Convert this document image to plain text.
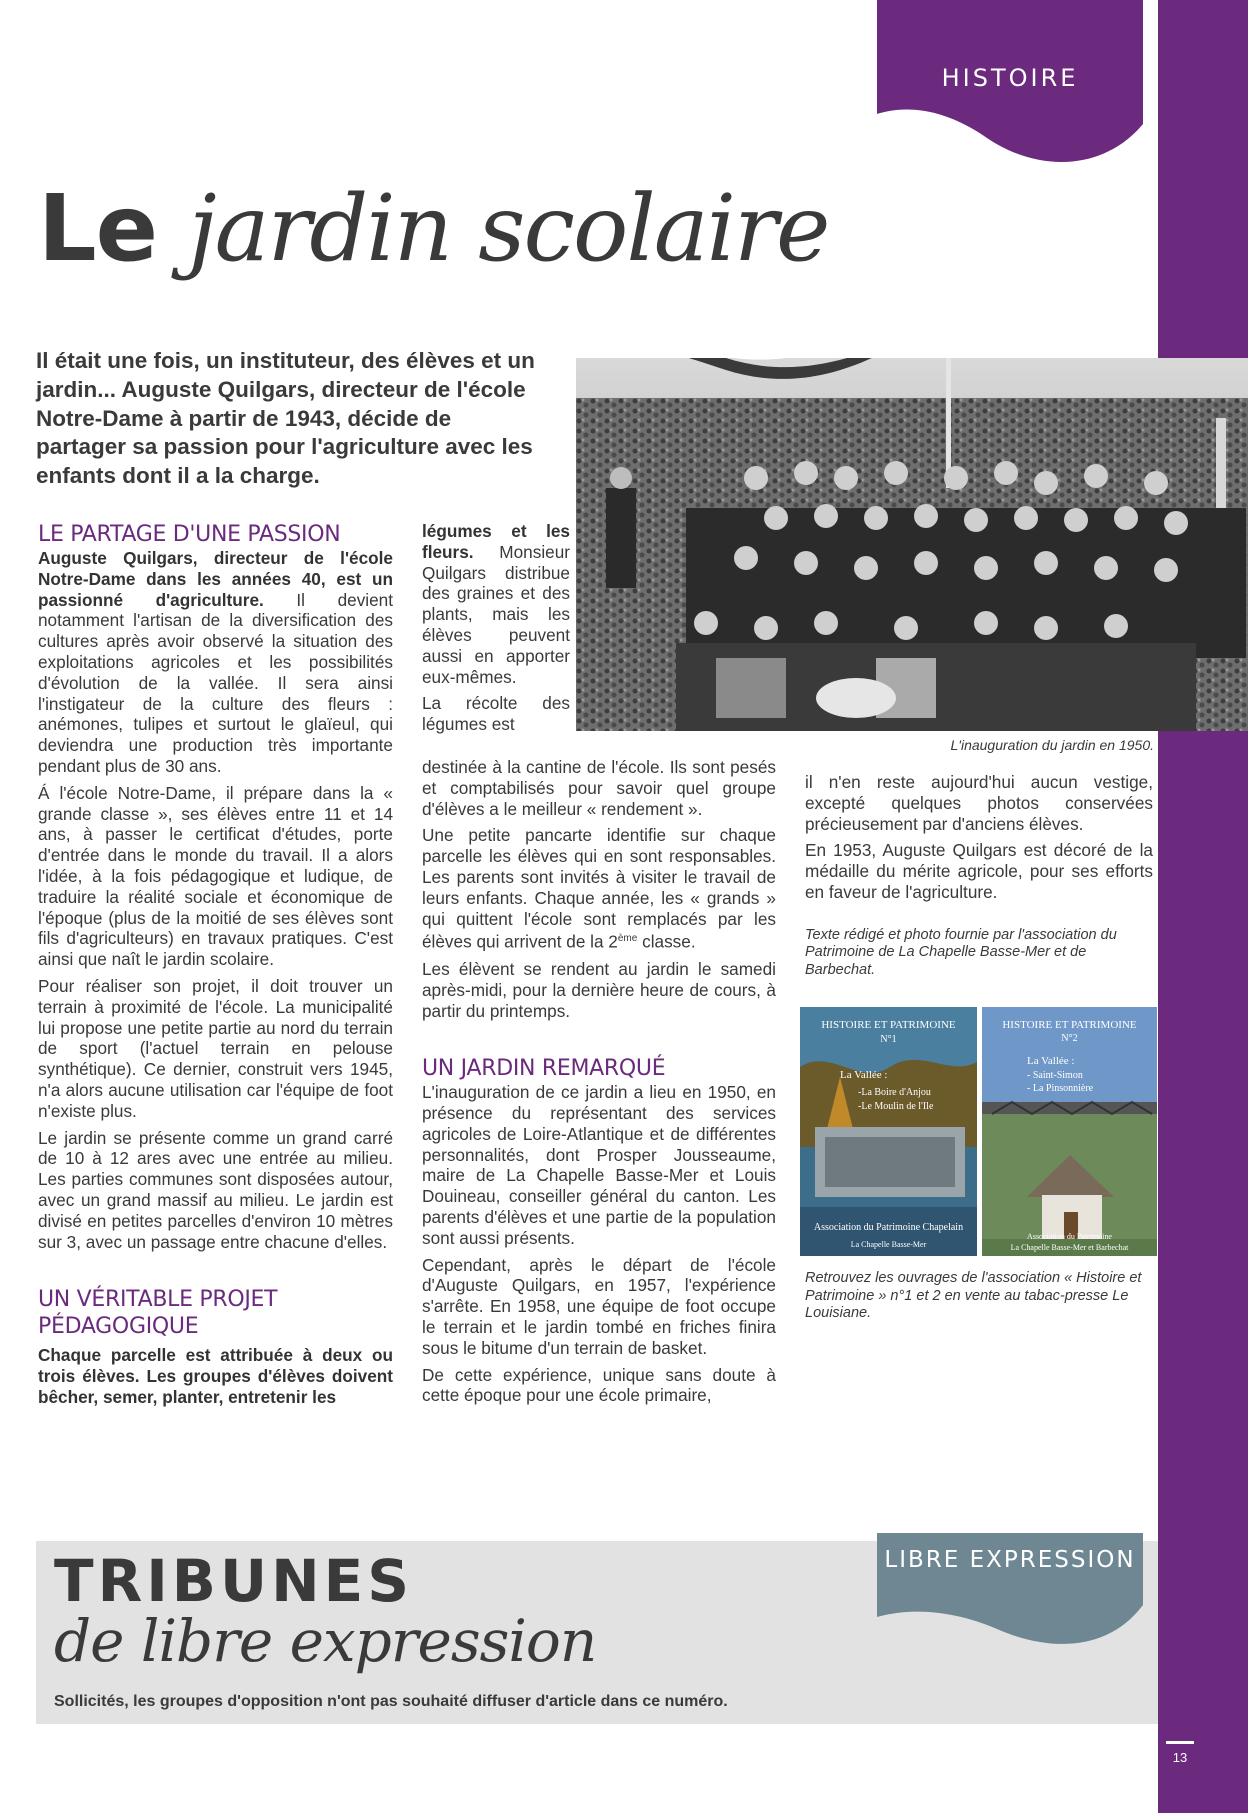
HISTOIRE
Le jardin scolaire

Il était une fois, un instituteur, des élèves et un jardin... Auguste Quilgars, directeur de l'école Notre-Dame à partir de 1943, décide de partager sa passion pour l'agriculture avec les enfants dont il a la charge.

L'inauguration du jardin en 1950.
LE PARTAGE D'UNE PASSION

Auguste Quilgars, directeur de l'école Notre-Dame dans les années 40, est un passionné d'agriculture. Il devient notamment l'artisan de la diversification des cultures après avoir observé la situation des exploitations agricoles et les possibilités d'évolution de la vallée. Il sera ainsi l'instigateur de la culture des fleurs : anémones, tulipes et surtout le glaïeul, qui deviendra une production très importante pendant plus de 30 ans.

Á l'école Notre-Dame, il prépare dans la « grande classe », ses élèves entre 11 et 14 ans, à passer le certificat d'études, porte d'entrée dans le monde du travail. Il a alors l'idée, à la fois pédagogique et ludique, de traduire la réalité sociale et économique de l'époque (plus de la moitié de ses élèves sont fils d'agriculteurs) en travaux pratiques. C'est ainsi que naît le jardin scolaire.

Pour réaliser son projet, il doit trouver un terrain à proximité de l'école. La municipalité lui propose une petite partie au nord du terrain de sport (l'actuel terrain en pelouse synthétique). Ce dernier, construit vers 1945, n'a alors aucune utilisation car l'équipe de foot n'existe plus.

Le jardin se présente comme un grand carré de 10 à 12 ares avec une entrée au milieu. Les parties communes sont disposées autour, avec un grand massif au milieu. Le jardin est divisé en petites parcelles d'environ 10 mètres sur 3, avec un passage entre chacune d'elles.

UN VÉRITABLE PROJET PÉDAGOGIQUE

Chaque parcelle est attribuée à deux ou trois élèves. Les groupes d'élèves doivent bêcher, semer, planter, entretenir les

légumes et les fleurs. Monsieur Quilgars distribue des graines et des plants, mais les élèves peuvent aussi en apporter eux-mêmes.

La récolte des légumes est

destinée à la cantine de l'école. Ils sont pesés et comptabilisés pour savoir quel groupe d'élèves a le meilleur « rendement ».

Une petite pancarte identifie sur chaque parcelle les élèves qui en sont responsables. Les parents sont invités à visiter le travail de leurs enfants. Chaque année, les « grands » qui quittent l'école sont remplacés par les élèves qui arrivent de la 2ème classe.

Les élèvent se rendent au jardin le samedi après-midi, pour la dernière heure de cours, à partir du printemps.

UN JARDIN REMARQUÉ

L'inauguration de ce jardin a lieu en 1950, en présence du représentant des services agricoles de Loire-Atlantique et de différentes personnalités, dont Prosper Jousseaume, maire de La Chapelle Basse-Mer et Louis Douineau, conseiller général du canton. Les parents d'élèves et une partie de la population sont aussi présents.

Cependant, après le départ de l'école d'Auguste Quilgars, en 1957, l'expérience s'arrête. En 1958, une équipe de foot occupe le terrain et le jardin tombé en friches finira sous le bitume d'un terrain de basket.

De cette expérience, unique sans doute à cette époque pour une école primaire,

il n'en reste aujourd'hui aucun vestige, excepté quelques photos conservées précieusement par d'anciens élèves.

En 1953, Auguste Quilgars est décoré de la médaille du mérite agricole, pour ses efforts en faveur de l'agriculture.

Texte rédigé et photo fournie par l'association du Patrimoine de La Chapelle Basse-Mer et de Barbechat.

HISTOIRE ET PATRIMOINE
N°1
La Vallée :
-La Boire d'Anjou
-Le Moulin de l'Ile
Association du Patrimoine Chapelain
La Chapelle Basse-Mer
HISTOIRE ET PATRIMOINE
N°2
La Vallée :
- Saint-Simon
- La Pinsonnière
Association du Patrimoine
La Chapelle Basse-Mer et Barbechat
Retrouvez les ouvrages de l'association « Histoire et Patrimoine » n°1 et 2 en vente au tabac-presse Le Louisiane.
TRIBUNES
de libre expression
Sollicités, les groupes d'opposition n'ont pas souhaité diffuser d'article dans ce numéro.
LIBRE EXPRESSION
13
